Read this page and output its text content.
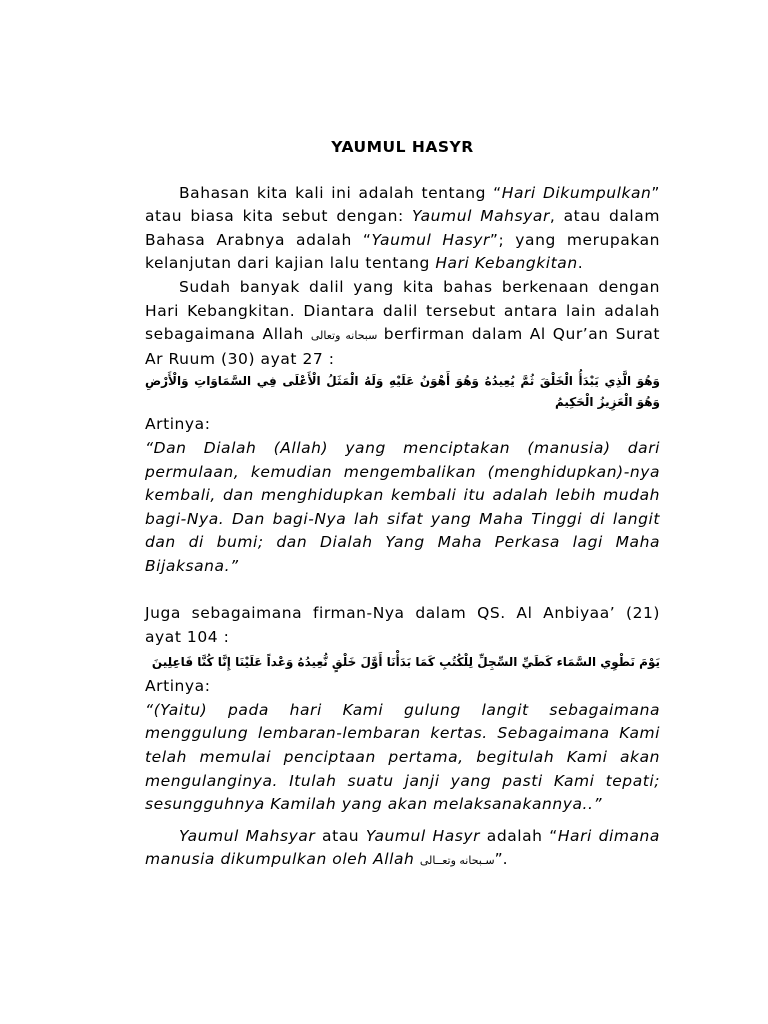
YAUMUL HASYR

Bahasan kita kali ini adalah tentang “Hari Dikumpulkan” atau biasa kita sebut dengan: Yaumul Mahsyar, atau dalam Bahasa Arabnya adalah “Yaumul Hasyr”; yang merupakan kelanjutan dari kajian lalu tentang Hari Kebangkitan.

Sudah banyak dalil yang kita bahas berkenaan dengan Hari Kebangkitan. Diantara dalil tersebut antara lain adalah sebagaimana Allah سبحانه وتعالى berfirman dalam Al Qur’an Surat Ar Ruum (30) ayat 27 :

وَهُوَ الَّذِي يَبْدَأُ الْخَلْقَ ثُمَّ يُعِيدُهُ وَهُوَ أَهْوَنُ عَلَيْهِ وَلَهُ الْمَثَلُ الْأَعْلَى فِي السَّمَاوَاتِ وَالْأَرْضِ وَهُوَ الْعَزِيزُ الْحَكِيمُ

Artinya:

“Dan Dialah (Allah) yang menciptakan (manusia) dari permulaan, kemudian mengembalikan (menghidupkan)-nya kembali, dan menghidupkan kembali itu adalah lebih mudah bagi-Nya. Dan bagi-Nya lah sifat yang Maha Tinggi di langit dan di bumi; dan Dialah Yang Maha Perkasa lagi Maha Bijaksana.”

Juga sebagaimana firman-Nya dalam QS. Al Anbiyaa’ (21) ayat 104 :

يَوْمَ نَطْوِي السَّمَاء كَطَيِّ السِّجِلِّ لِلْكُتُبِ كَمَا بَدَأْنَا أَوَّلَ خَلْقٍ نُّعِيدُهُ وَعْداً عَلَيْنَا إِنَّا كُنَّا فَاعِلِينَ

Artinya:

“(Yaitu) pada hari Kami gulung langit sebagaimana menggulung lembaran-lembaran kertas. Sebagaimana Kami telah memulai penciptaan pertama, begitulah Kami akan mengulanginya. Itulah suatu janji yang pasti Kami tepati; sesungguhnya Kamilah yang akan melaksanakannya..”

Yaumul Mahsyar atau Yaumul Hasyr adalah “Hari dimana manusia dikumpulkan oleh Allah سـبحانه وتعــالى”.
